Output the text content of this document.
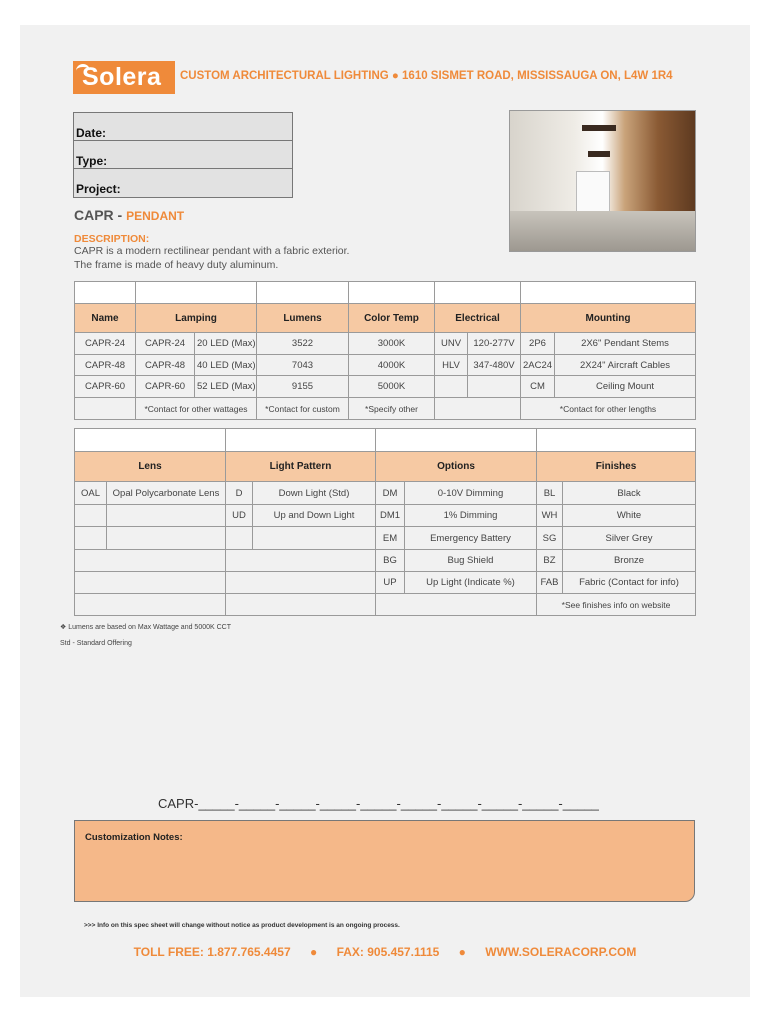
Solera	CUSTOM ARCHITECTURAL LIGHTING ● 1610 SISMET ROAD, MISSISSAUGA ON, L4W 1R4
Date:
Type:
Project:
CAPR - PENDANT
DESCRIPTION:
CAPR is a modern rectilinear pendant with a fabric exterior.
The frame is made of heavy duty aluminum.

Name	Lamping		Lumens	Color Temp	Electrical		Mounting	
CAPR-24	CAPR-24	20 LED (Max)	3522	3000K	UNV	120-277V	2P6	2X6" Pendant Stems
CAPR-48	CAPR-48	40 LED (Max)	7043	4000K	HLV	347-480V	2AC24	2X24" Aircraft Cables
CAPR-60	CAPR-60	52 LED (Max)	9155	5000K			CM	Ceiling Mount
	*Contact for other wattages		*Contact for custom	*Specify other			*Contact for other lengths	

Lens		Light Pattern		Options		Finishes	
OAL	Opal Polycarbonate Lens	D	Down Light (Std)	DM	0-10V Dimming	BL	Black
		UD	Up and Down Light	DM1	1% Dimming	WH	White
				EM	Emergency Battery	SG	Silver Grey
				BG	Bug Shield	BZ	Bronze
				UP	Up Light (Indicate %)	FAB	Fabric (Contact for info)
						*See finishes info on website	
❖ Lumens are based on Max Wattage and 5000K CCT
Std - Standard Offering
CAPR-_____-_____-_____-_____-_____-_____-_____-_____-_____-_____
Customization Notes:
>>> Info on this spec sheet will change without notice as product development is an ongoing process.
TOLL FREE: 1.877.765.4457 ● FAX: 905.457.1115 ● WWW.SOLERACORP.COM
